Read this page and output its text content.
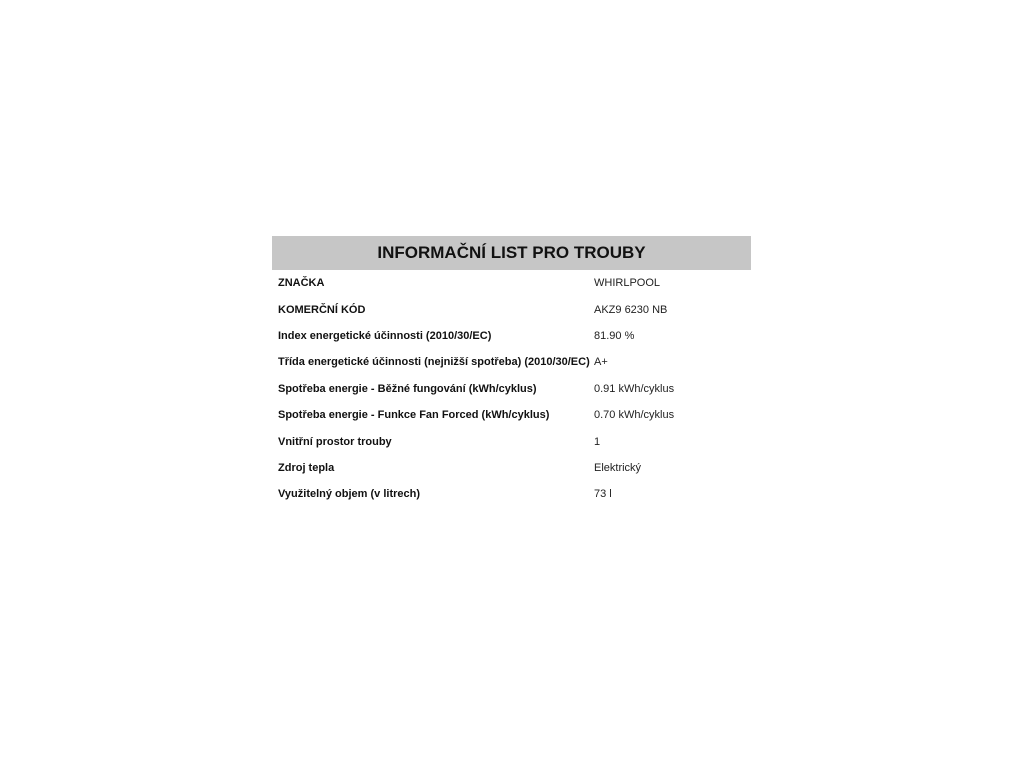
INFORMAČNÍ LIST PRO TROUBY
ZNAČKA	WHIRLPOOL
KOMERČNÍ KÓD	AKZ9 6230 NB
Index energetické účinnosti (2010/30/EC)	81.90 %
Třída energetické účinnosti (nejnižší spotřeba) (2010/30/EC) A+
Spotřeba energie - Běžné fungování (kWh/cyklus)	0.91 kWh/cyklus
Spotřeba energie - Funkce Fan Forced (kWh/cyklus)	0.70 kWh/cyklus
Vnitřní prostor trouby	1
Zdroj tepla	Elektrický
Využitelný objem (v litrech)	73 l
